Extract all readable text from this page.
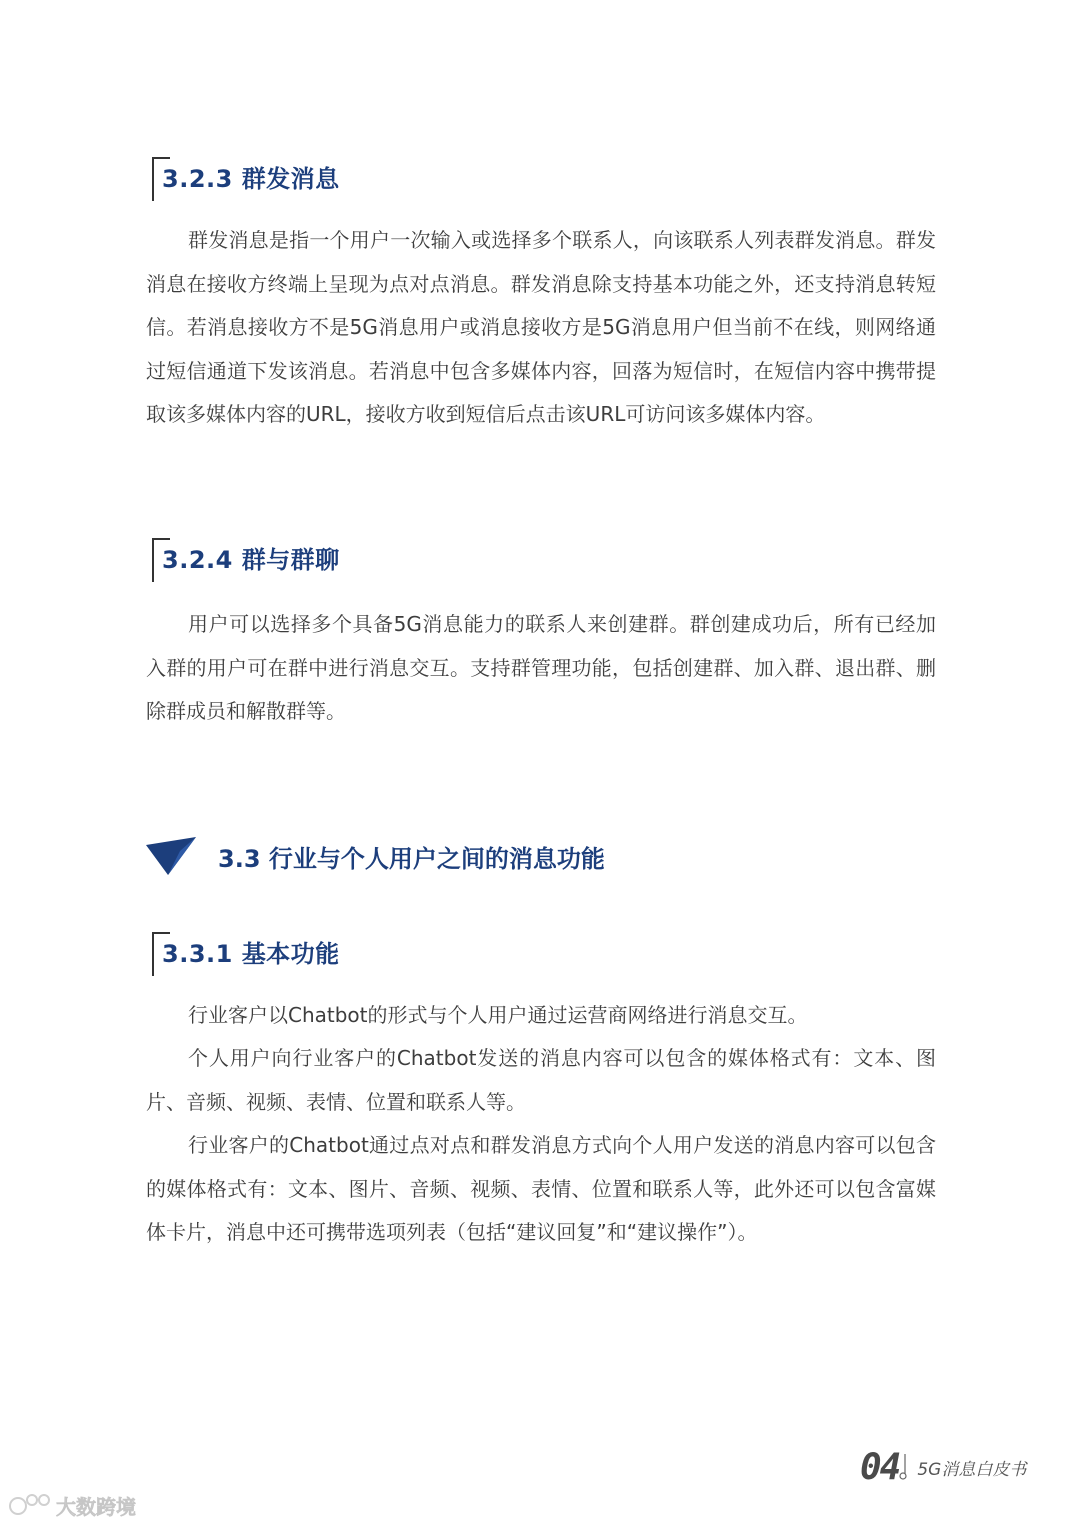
3.2.3 群发消息

群发消息是指一个用户一次输入或选择多个联系人，向该联系人列表群发消息。群发消息在接收方终端上呈现为点对点消息。群发消息除支持基本功能之外，还支持消息转短信。若消息接收方不是5G消息用户或消息接收方是5G消息用户但当前不在线，则网络通过短信通道下发该消息。若消息中包含多媒体内容，回落为短信时，在短信内容中携带提取该多媒体内容的URL，接收方收到短信后点击该URL可访问该多媒体内容。

3.2.4 群与群聊

用户可以选择多个具备5G消息能力的联系人来创建群。群创建成功后，所有已经加入群的用户可在群中进行消息交互。支持群管理功能，包括创建群、加入群、退出群、删除群成员和解散群等。

3.3 行业与个人用户之间的消息功能
3.3.1 基本功能

行业客户以Chatbot的形式与个人用户通过运营商网络进行消息交互。

个人用户向行业客户的Chatbot发送的消息内容可以包含的媒体格式有：文本、图片、音频、视频、表情、位置和联系人等。

行业客户的Chatbot通过点对点和群发消息方式向个人用户发送的消息内容可以包含的媒体格式有：文本、图片、音频、视频、表情、位置和联系人等，此外还可以包含富媒体卡片，消息中还可携带选项列表（包括“建议回复”和“建议操作”）。

04 5G消息白皮书
大数跨境
